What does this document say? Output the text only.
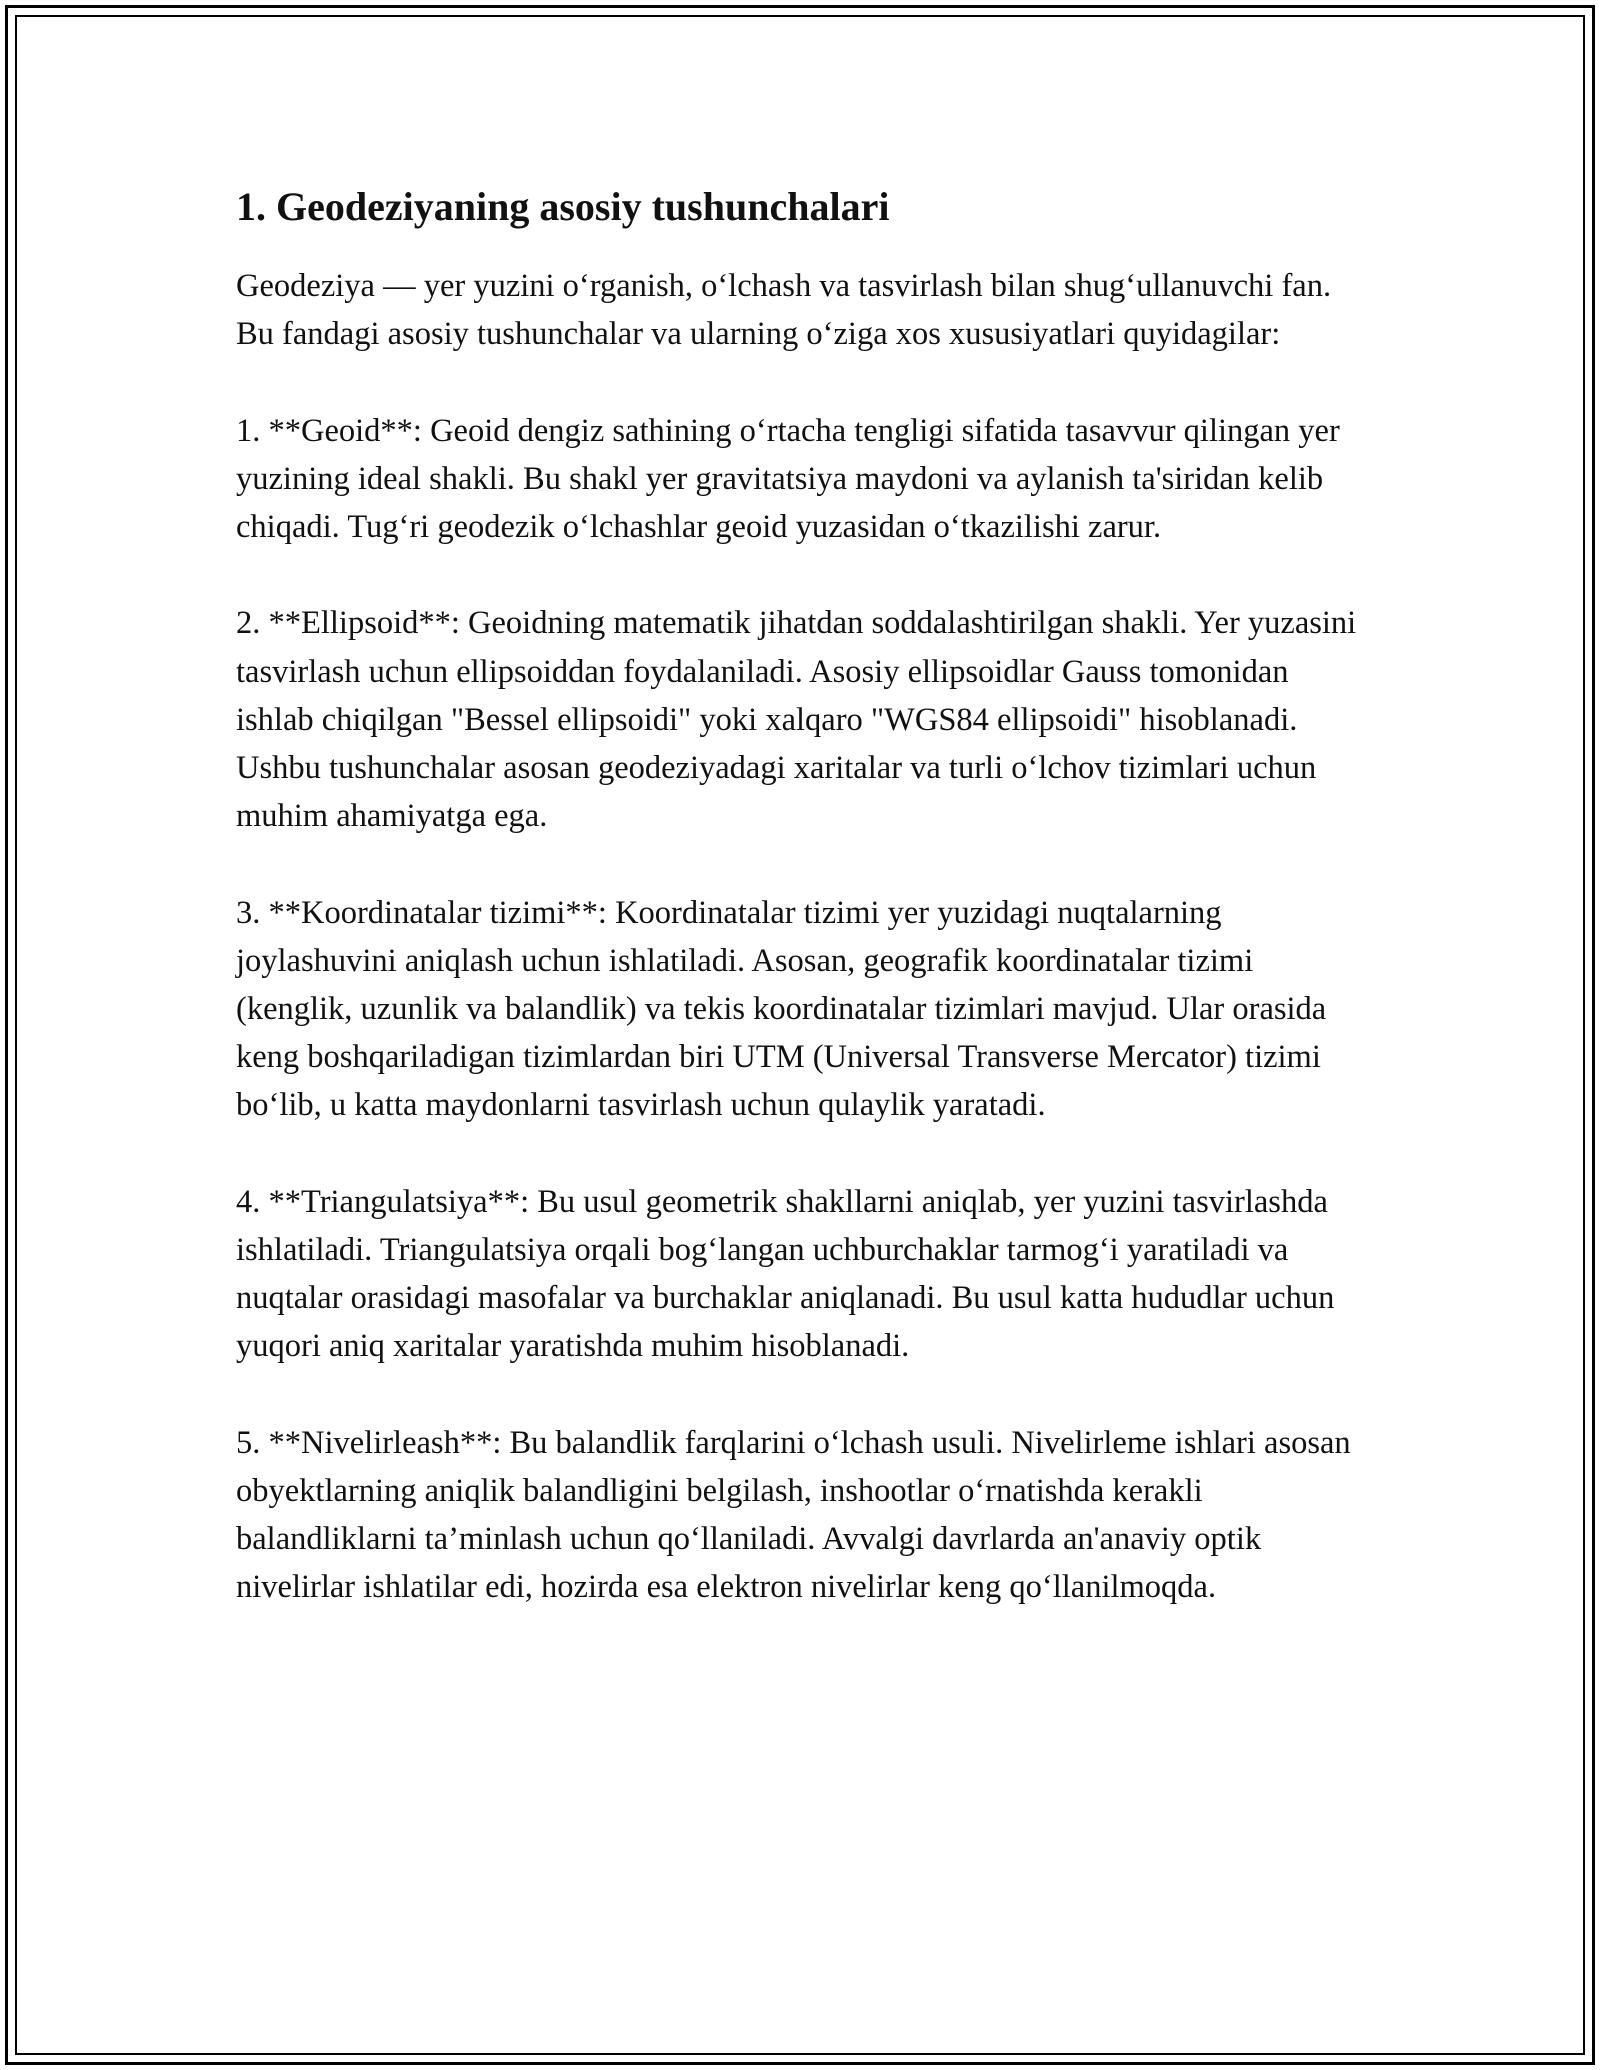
1. Geodeziyaning asosiy tushunchalari

Geodeziya — yer yuzini o‘rganish, o‘lchash va tasvirlash bilan shug‘ullanuvchi fan. Bu fandagi asosiy tushunchalar va ularning o‘ziga xos xususiyatlari quyidagilar:

1. **Geoid**: Geoid dengiz sathining o‘rtacha tengligi sifatida tasavvur qilingan yer yuzining ideal shakli. Bu shakl yer gravitatsiya maydoni va aylanish ta'siridan kelib chiqadi. Tug‘ri geodezik o‘lchashlar geoid yuzasidan o‘tkazilishi zarur.

2. **Ellipsoid**: Geoidning matematik jihatdan soddalashtirilgan shakli. Yer yuzasini tasvirlash uchun ellipsoiddan foydalaniladi. Asosiy ellipsoidlar Gauss tomonidan ishlab chiqilgan "Bessel ellipsoidi" yoki xalqaro "WGS84 ellipsoidi" hisoblanadi. Ushbu tushunchalar asosan geodeziyadagi xaritalar va turli o‘lchov tizimlari uchun muhim ahamiyatga ega.

3. **Koordinatalar tizimi**: Koordinatalar tizimi yer yuzidagi nuqtalarning joylashuvini aniqlash uchun ishlatiladi. Asosan, geografik koordinatalar tizimi (kenglik, uzunlik va balandlik) va tekis koordinatalar tizimlari mavjud. Ular orasida keng boshqariladigan tizimlardan biri UTM (Universal Transverse Mercator) tizimi bo‘lib, u katta maydonlarni tasvirlash uchun qulaylik yaratadi.

4. **Triangulatsiya**: Bu usul geometrik shakllarni aniqlab, yer yuzini tasvirlashda ishlatiladi. Triangulatsiya orqali bog‘langan uchburchaklar tarmog‘i yaratiladi va nuqtalar orasidagi masofalar va burchaklar aniqlanadi. Bu usul katta hududlar uchun yuqori aniq xaritalar yaratishda muhim hisoblanadi.

5. **Nivelirleash**: Bu balandlik farqlarini o‘lchash usuli. Nivelirleme ishlari asosan obyektlarning aniqlik balandligini belgilash, inshootlar o‘rnatishda kerakli balandliklarni ta’minlash uchun qo‘llaniladi. Avvalgi davrlarda an'anaviy optik nivelirlar ishlatilar edi, hozirda esa elektron nivelirlar keng qo‘llanilmoqda.
